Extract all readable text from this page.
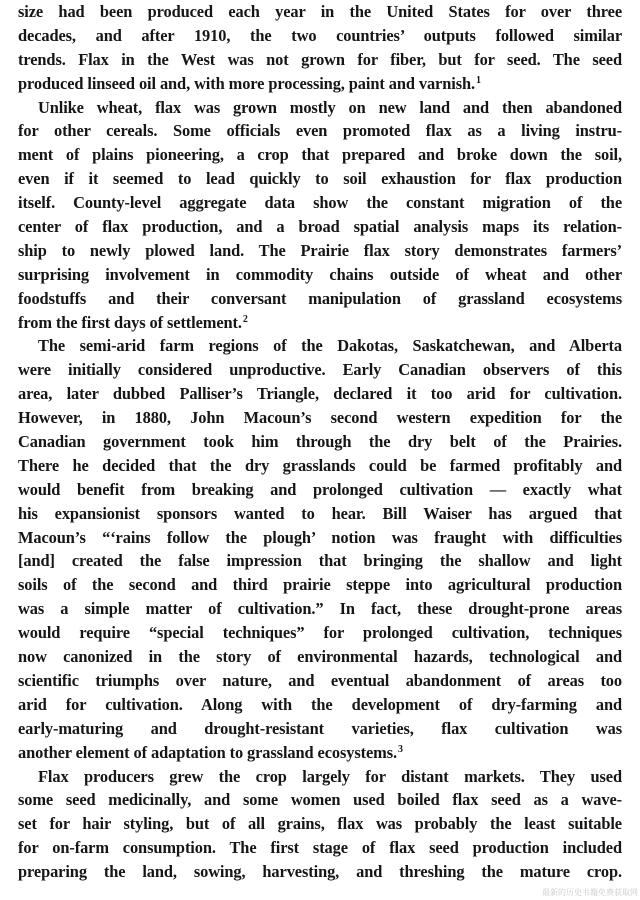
size had been produced each year in the United States for over three
decades, and after 1910, the two countries’ outputs followed similar
trends. Flax in the West was not grown for fiber, but for seed. The seed
produced linseed oil and, with more processing, paint and varnish.$^1$
Unlike wheat, flax was grown mostly on new land and then abandoned
for other cereals. Some officials even promoted flax as a living instru-
ment of plains pioneering, a crop that prepared and broke down the soil,
even if it seemed to lead quickly to soil exhaustion for flax production
itself. County-level aggregate data show the constant migration of the
center of flax production, and a broad spatial analysis maps its relation-
ship to newly plowed land. The Prairie flax story demonstrates farmers’
surprising involvement in commodity chains outside of wheat and other
foodstuffs and their conversant manipulation of grassland ecosystems
from the first days of settlement.$^2$
The semi-arid farm regions of the Dakotas, Saskatchewan, and Alberta
were initially considered unproductive. Early Canadian observers of this
area, later dubbed Palliser’s Triangle, declared it too arid for cultivation.
However, in 1880, John Macoun’s second western expedition for the
Canadian government took him through the dry belt of the Prairies.
There he decided that the dry grasslands could be farmed profitably and
would benefit from breaking and prolonged cultivation — exactly what
his expansionist sponsors wanted to hear. Bill Waiser has argued that
Macoun’s “‘rains follow the plough’ notion was fraught with difficulties
[and] created the false impression that bringing the shallow and light
soils of the second and third prairie steppe into agricultural production
was a simple matter of cultivation.” In fact, these drought-prone areas
would require “special techniques” for prolonged cultivation, techniques
now canonized in the story of environmental hazards, technological and
scientific triumphs over nature, and eventual abandonment of areas too
arid for cultivation. Along with the development of dry-farming and
early-maturing and drought-resistant varieties, flax cultivation was
another element of adaptation to grassland ecosystems.$^3$
Flax producers grew the crop largely for distant markets. They used
some seed medicinally, and some women used boiled flax seed as a wave-
set for hair styling, but of all grains, flax was probably the least suitable
for on-farm consumption. The first stage of flax seed production included
preparing the land, sowing, harvesting, and threshing the mature crop.
最新的历史书籍免费获取网
